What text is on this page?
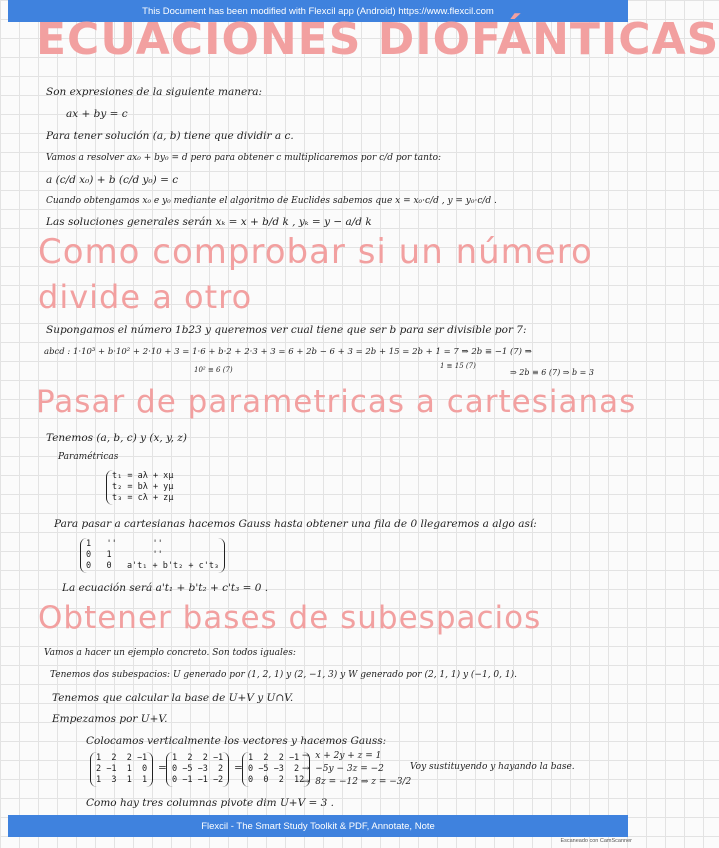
This Document has been modified with Flexcil app (Android) https://www.flexcil.com
ECUACIONES DIOFÁNTICAS

Son expresiones de la siguiente manera:

ax + by = c

Para tener solución (a, b) tiene que dividir a c.

Vamos a resolver ax₀ + by₀ = d pero para obtener c multiplicaremos por c/d por tanto:

a (c/d x₀) + b (c/d y₀) = c

Cuando obtengamos x₀ e y₀ mediante el algoritmo de Euclides sabemos que x = x₀·c/d , y = y₀·c/d .

Las soluciones generales serán xₖ = x + b/d k , yₖ = y − a/d k

Como comprobar si un número
divide a otro

Supongamos el número 1b23 y queremos ver cual tiene que ser b para ser divisible por 7:

abcd : 1·10³ + b·10² + 2·10 + 3 = 1·6 + b·2 + 2·3 + 3 = 6 + 2b − 6 + 3 = 2b + 15 = 2b + 1 = 7 ⇒ 2b ≡ −1 (7) ⇒

10² ≡ 6 (7)	1 ≡ 15 (7)

⇒ 2b ≡ 6 (7) ⇒ b = 3

Pasar de parametricas a cartesianas

Tenemos (a, b, c) y (x, y, z)

Paramétricas

t₁ = aλ + xμ
t₂ = bλ + yμ
t₃ = cλ + zμ

Para pasar a cartesianas hacemos Gauss hasta obtener una fila de 0 llegaremos a algo así:

1   ''       ''
0   1        ''
0   0   a't₁ + b't₂ + c't₃

La ecuación será a't₁ + b't₂ + c't₃ = 0 .

Obtener bases de subespacios

Vamos a hacer un ejemplo concreto. Son todos iguales:

Tenemos dos subespacios: U generado por (1, 2, 1) y (2, −1, 3) y W generado por (2, 1, 1) y (−1, 0, 1).

Tenemos que calcular la base de U+V y U∩V.

Empezamos por U+V.

Colocamos verticalmente los vectores y hacemos Gauss:

1  2  2 −1
2 −1  1  0
1  3  1  1
=
1  2  2 −1
0 −5 −3  2
0 −1 −1 −2
=
1  2  2 −1
0 −5 −3  2
0  0  2  12
→  x + 2y + z = 1
→  −5y − 3z = −2
→  8z = −12 ⇒ z = −3/2

Voy sustituyendo y hayando la base.

Como hay tres columnas pivote dim U+V = 3 .

Flexcil - The Smart Study Toolkit & PDF, Annotate, Note
Escaneado con CamScanner
